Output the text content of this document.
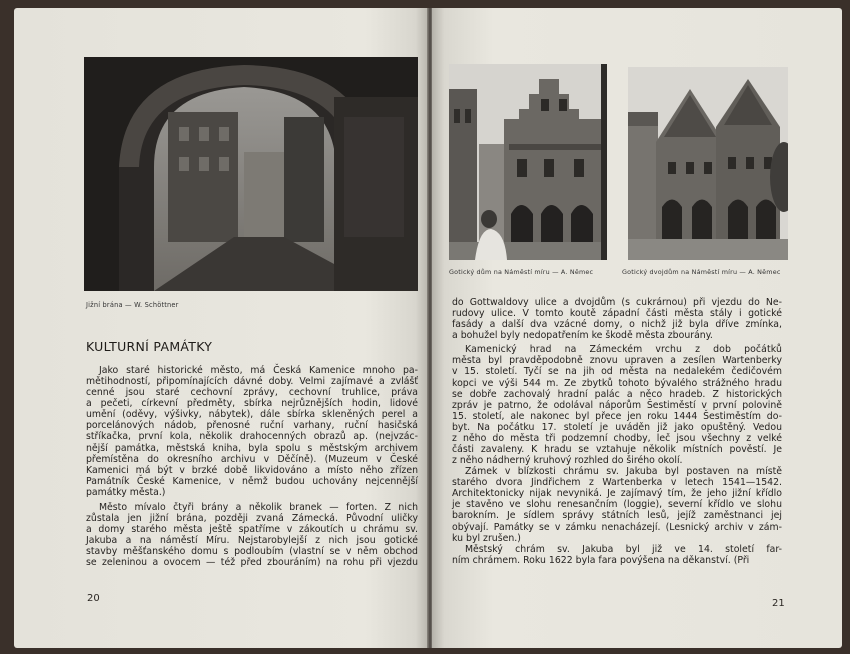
Jižní brána — W. Schöttner
KULTURNÍ PAMÁTKY
Jako staré historické město, má Česká Kamenice mnoho pa-
mětihodností, připomínajících dávné doby. Velmi zajímavé a zvlášť
cenné jsou staré cechovní zprávy, cechovní truhlice, práva
a pečeti, církevní předměty, sbírka nejrůznějších hodin, lidové
umění (oděvy, výšivky, nábytek), dále sbírka skleněných perel a
porcelánových nádob, přenosné ruční varhany, ruční hasičská
stříkačka, první kola, několik drahocenných obrazů ap. (nejvzác-
nější památka, městská kniha, byla spolu s městským archivem
přemístěna do okresního archivu v Děčíně). (Muzeum v České
Kamenici má být v brzké době likvidováno a místo něho zřízen
Památník České Kamenice, v němž budou uchovány nejcennější
památky města.)
Město mívalo čtyři brány a několik branek — forten. Z nich
zůstala jen jižní brána, později zvaná Zámecká. Původní uličky
a domy starého města ještě spatříme v zákoutích u chrámu sv.
Jakuba a na náměstí Míru. Nejstarobylejší z nich jsou gotické
stavby měšťanského domu s podloubím (vlastní se v něm obchod
se zeleninou a ovocem — též před zbouráním) na rohu při vjezdu
20
Gotický dům na Náměstí míru — A. Němec	Gotický dvojdům na Náměstí míru — A. Němec
do Gottwaldovy ulice a dvojdům (s cukrárnou) při vjezdu do Ne-
rudovy ulice. V tomto koutě západní části města stály i gotické
fasády a další dva vzácné domy, o nichž již byla dříve zmínka,
a bohužel byly nedopatřením ke škodě města zbourány.
Kamenický hrad na Zámeckém vrchu z dob počátků
města byl pravděpodobně znovu upraven a zesílen Wartenberky
v 15. století. Tyčí se na jih od města na nedalekém čedičovém
kopci ve výši 544 m. Ze zbytků tohoto bývalého strážného hradu
se dobře zachovalý hradní palác a něco hradeb. Z historických
zpráv je patrno, že odolával náporům Šestiměstí v první polovině
15. století, ale nakonec byl přece jen roku 1444 Šestiměstím do-
byt. Na počátku 17. století je uváděn již jako opuštěný. Vedou
z něho do města tři podzemní chodby, leč jsou všechny z velké
části zavaleny. K hradu se vztahuje několik místních pověstí. Je
z něho nádherný kruhový rozhled do širého okolí.
Zámek v blízkosti chrámu sv. Jakuba byl postaven na místě
starého dvora Jindřichem z Wartenberka v letech 1541—1542.
Architektonicky nijak nevyniká. Je zajímavý tím, že jeho jižní křídlo
je stavěno ve slohu renesančním (loggie), severní křídlo ve slohu
barokním. Je sídlem správy státních lesů, jejíž zaměstnanci jej
obývají. Památky se v zámku nenacházejí. (Lesnický archiv v zám-
ku byl zrušen.)
Městský chrám sv. Jakuba byl již ve 14. století far-
ním chrámem. Roku 1622 byla fara povýšena na děkanství. (Při
21
